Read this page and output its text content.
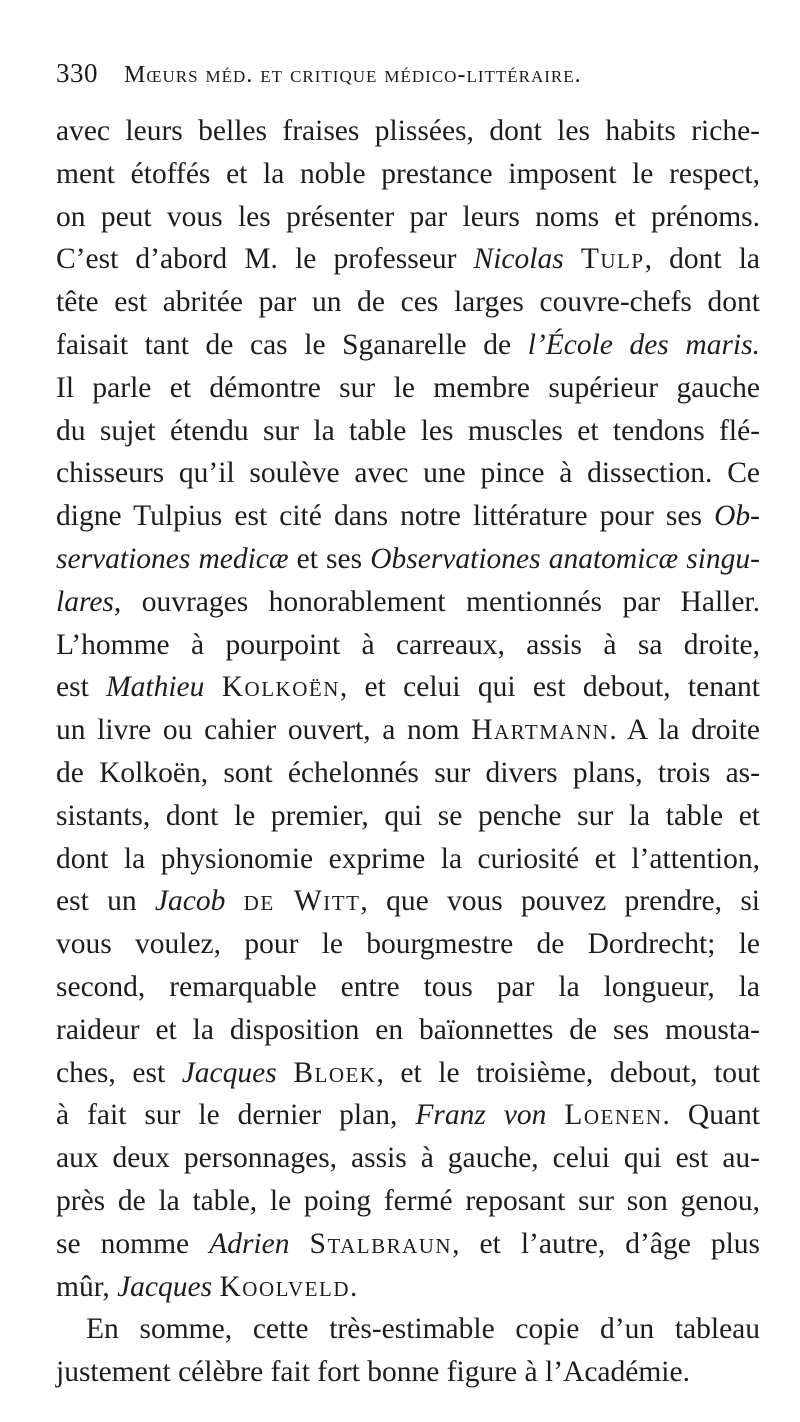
330 Mœurs méd. et critique médico-littéraire.
avec leurs belles fraises plissées, dont les habits riche-
ment étoffés et la noble prestance imposent le respect,
on peut vous les présenter par leurs noms et prénoms.
C’est d’abord M. le professeur Nicolas Tulp, dont la
tête est abritée par un de ces larges couvre-chefs dont
faisait tant de cas le Sganarelle de l’École des maris.
Il parle et démontre sur le membre supérieur gauche
du sujet étendu sur la table les muscles et tendons flé-
chisseurs qu’il soulève avec une pince à dissection. Ce
digne Tulpius est cité dans notre littérature pour ses Ob-
servationes medicæ et ses Observationes anatomicæ singu-
lares, ouvrages honorablement mentionnés par Haller.
L’homme à pourpoint à carreaux, assis à sa droite,
est Mathieu Kolkoën, et celui qui est debout, tenant
un livre ou cahier ouvert, a nom Hartmann. A la droite
de Kolkoën, sont échelonnés sur divers plans, trois as-
sistants, dont le premier, qui se penche sur la table et
dont la physionomie exprime la curiosité et l’attention,
est un Jacob de Witt, que vous pouvez prendre, si
vous voulez, pour le bourgmestre de Dordrecht; le
second, remarquable entre tous par la longueur, la
raideur et la disposition en baïonnettes de ses mousta-
ches, est Jacques Bloek, et le troisième, debout, tout
à fait sur le dernier plan, Franz von Loenen. Quant
aux deux personnages, assis à gauche, celui qui est au-
près de la table, le poing fermé reposant sur son genou,
se nomme Adrien Stalbraun, et l’autre, d’âge plus
mûr, Jacques Koolveld.
En somme, cette très-estimable copie d’un tableau
justement célèbre fait fort bonne figure à l’Académie.
